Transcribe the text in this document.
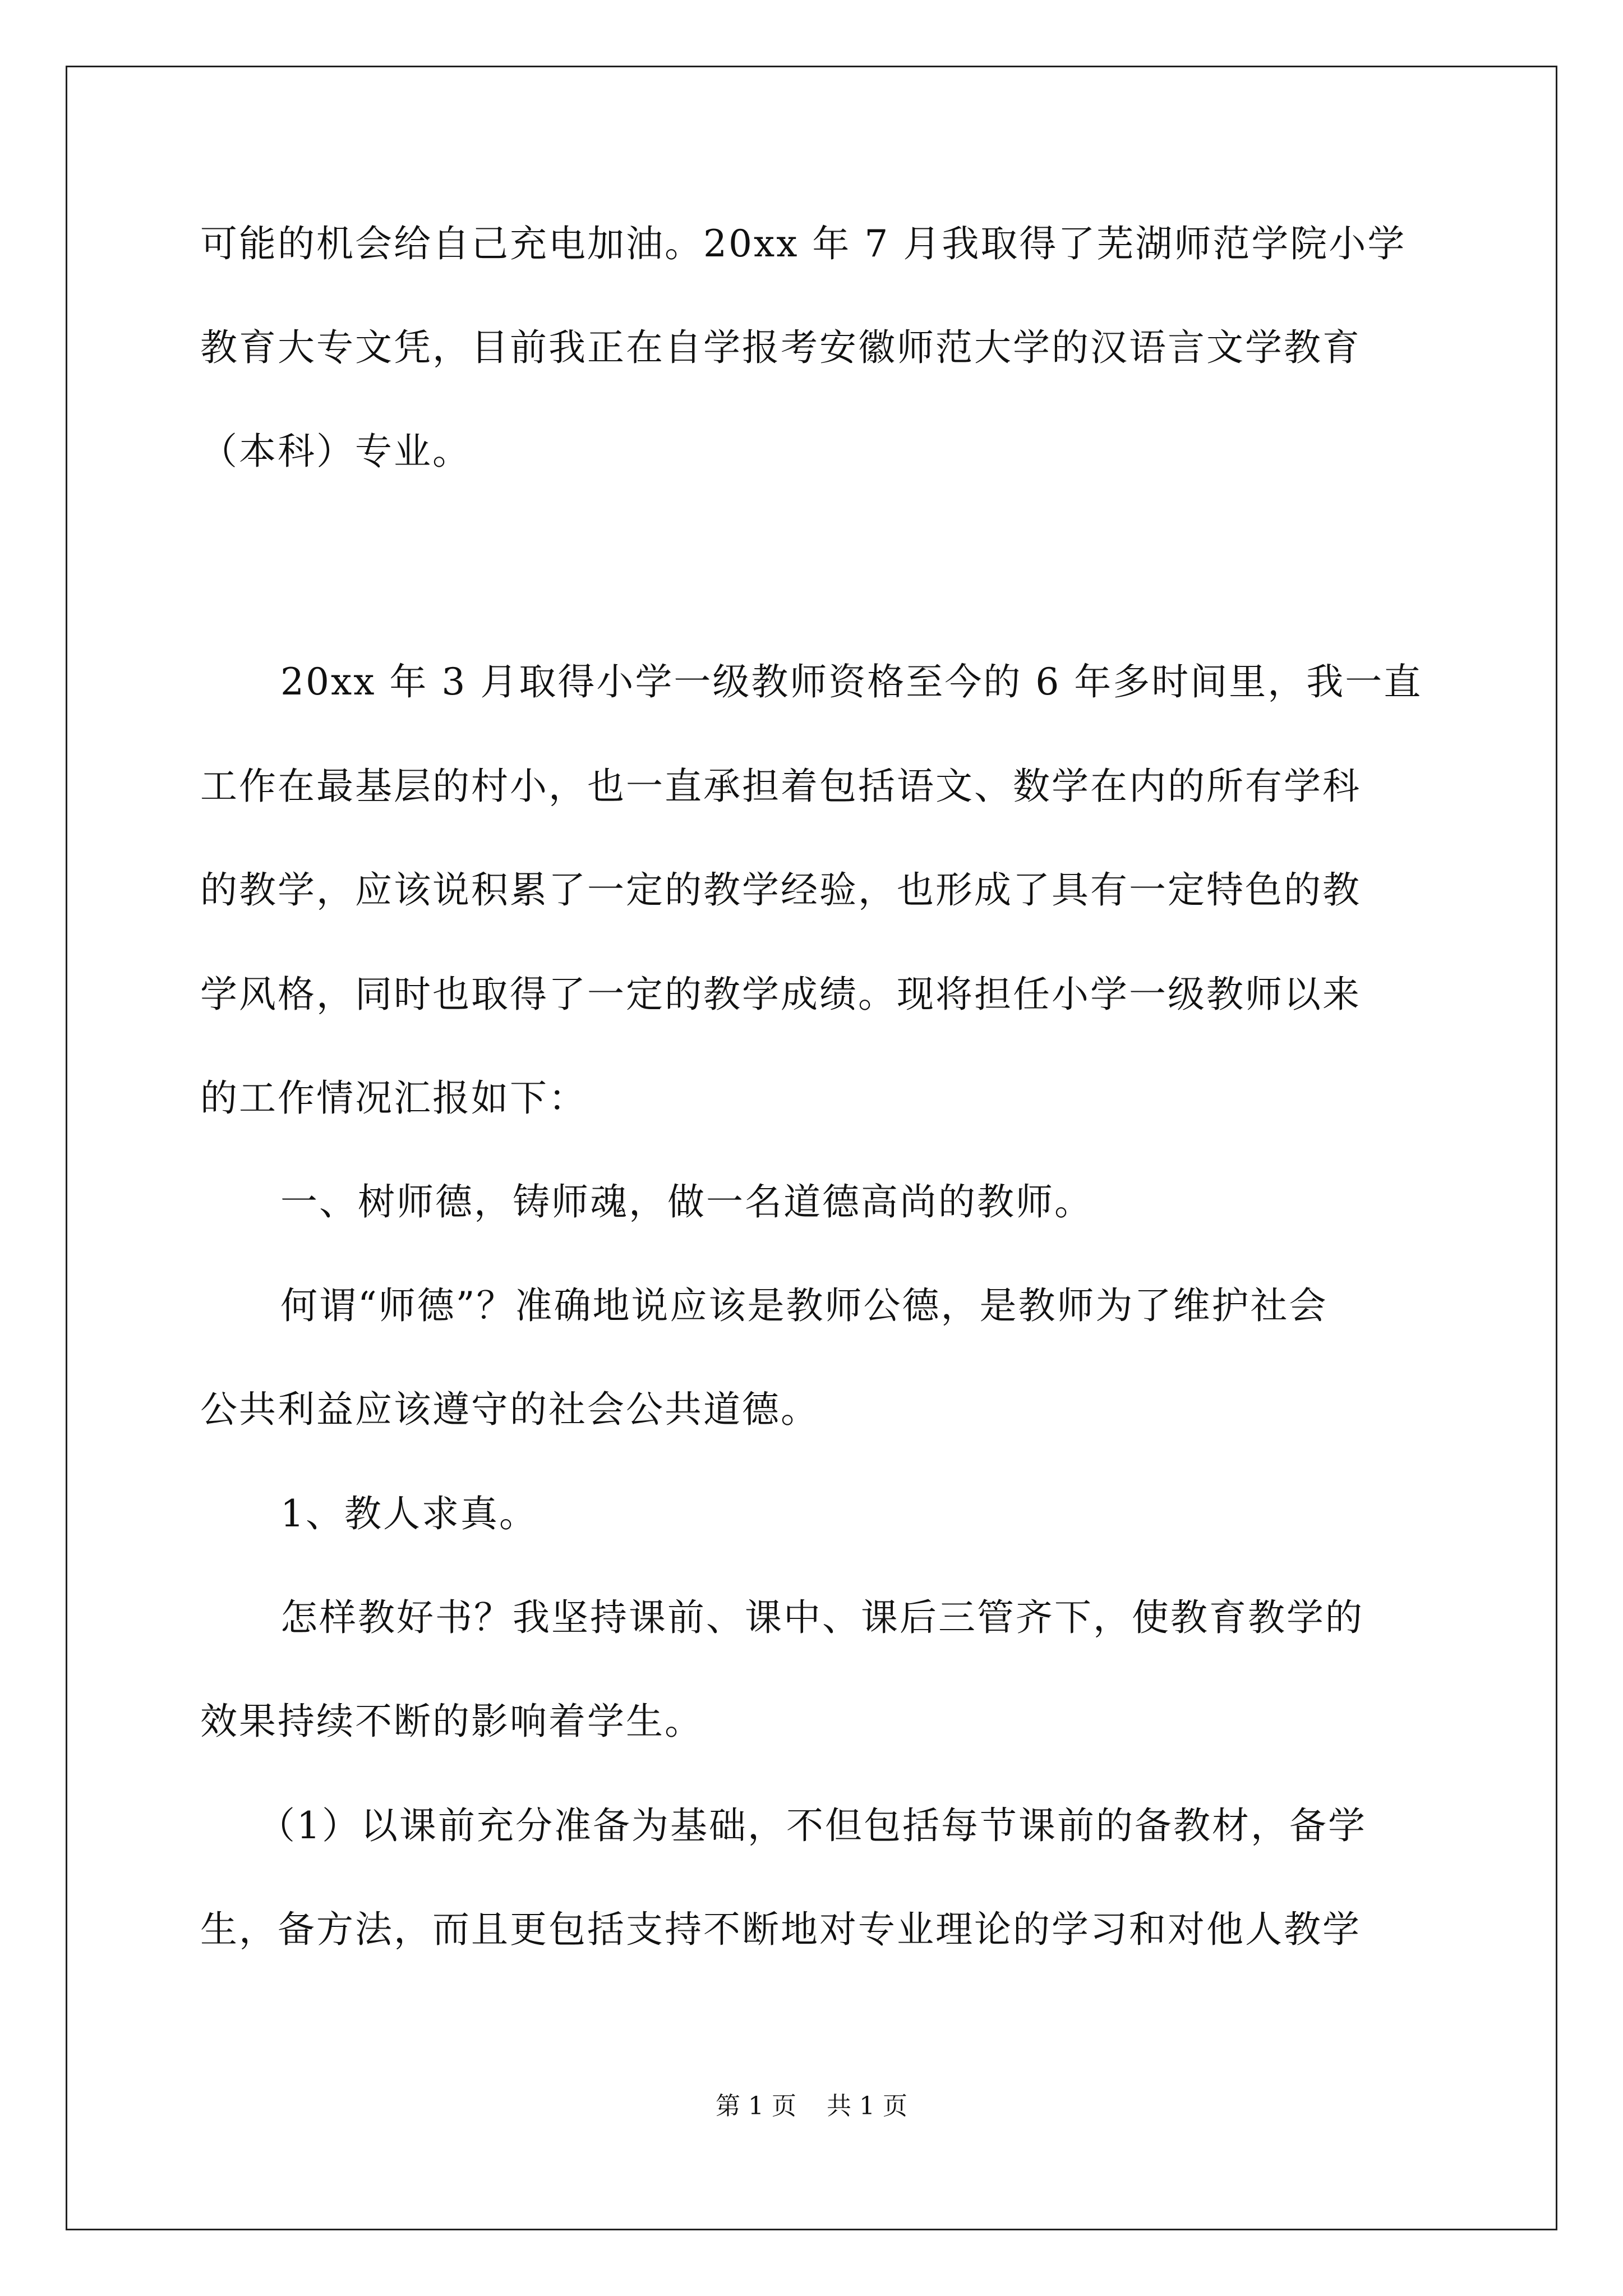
可能的机会给自己充电加油。20xx 年 7 月我取得了芜湖师范学院小学
教育大专文凭，目前我正在自学报考安徽师范大学的汉语言文学教育
（本科）专业。
20xx 年 3 月取得小学一级教师资格至今的 6 年多时间里，我一直
工作在最基层的村小，也一直承担着包括语文、数学在内的所有学科
的教学，应该说积累了一定的教学经验，也形成了具有一定特色的教
学风格，同时也取得了一定的教学成绩。现将担任小学一级教师以来
的工作情况汇报如下：
一、树师德，铸师魂，做一名道德高尚的教师。
何谓“师德”？准确地说应该是教师公德，是教师为了维护社会
公共利益应该遵守的社会公共道德。
1、教人求真。
怎样教好书？我坚持课前、课中、课后三管齐下，使教育教学的
效果持续不断的影响着学生。
（1）以课前充分准备为基础，不但包括每节课前的备教材，备学
生，备方法，而且更包括支持不断地对专业理论的学习和对他人教学
第 1 页 共 1 页
